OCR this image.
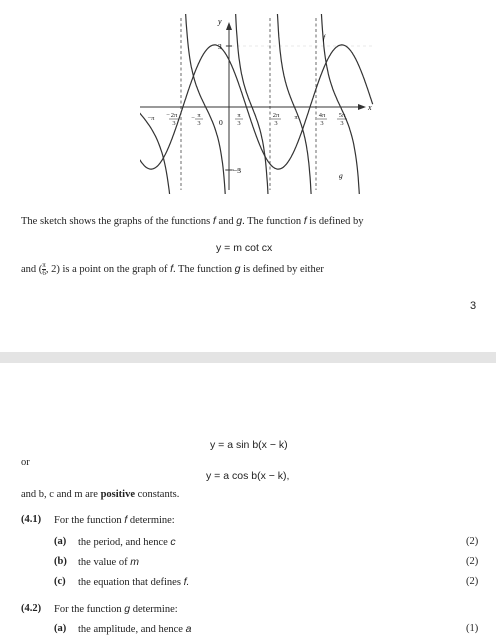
y
x
3
−3
0
f
g
−π	2π
−
3
− π
3
π
3
2π
3
π	4π
3
5π
3
The sketch shows the graphs of the functions f and g. The function f is defined by
y = m cot cx
and ( $\frac{\pi}{6}$ , 2) is a point on the graph of f. The function g is defined by either
3
y = a sin b(x − k)
or
y = a cos b(x − k),
and b, c and m are positive constants.
(4.1) For the function f determine:
(a) the period, and hence c	(2)
(b) the value of m	(2)
(c) the equation that defines f.	(2)
(4.2) For the function g determine:
(a) the amplitude, and hence a	(1)
